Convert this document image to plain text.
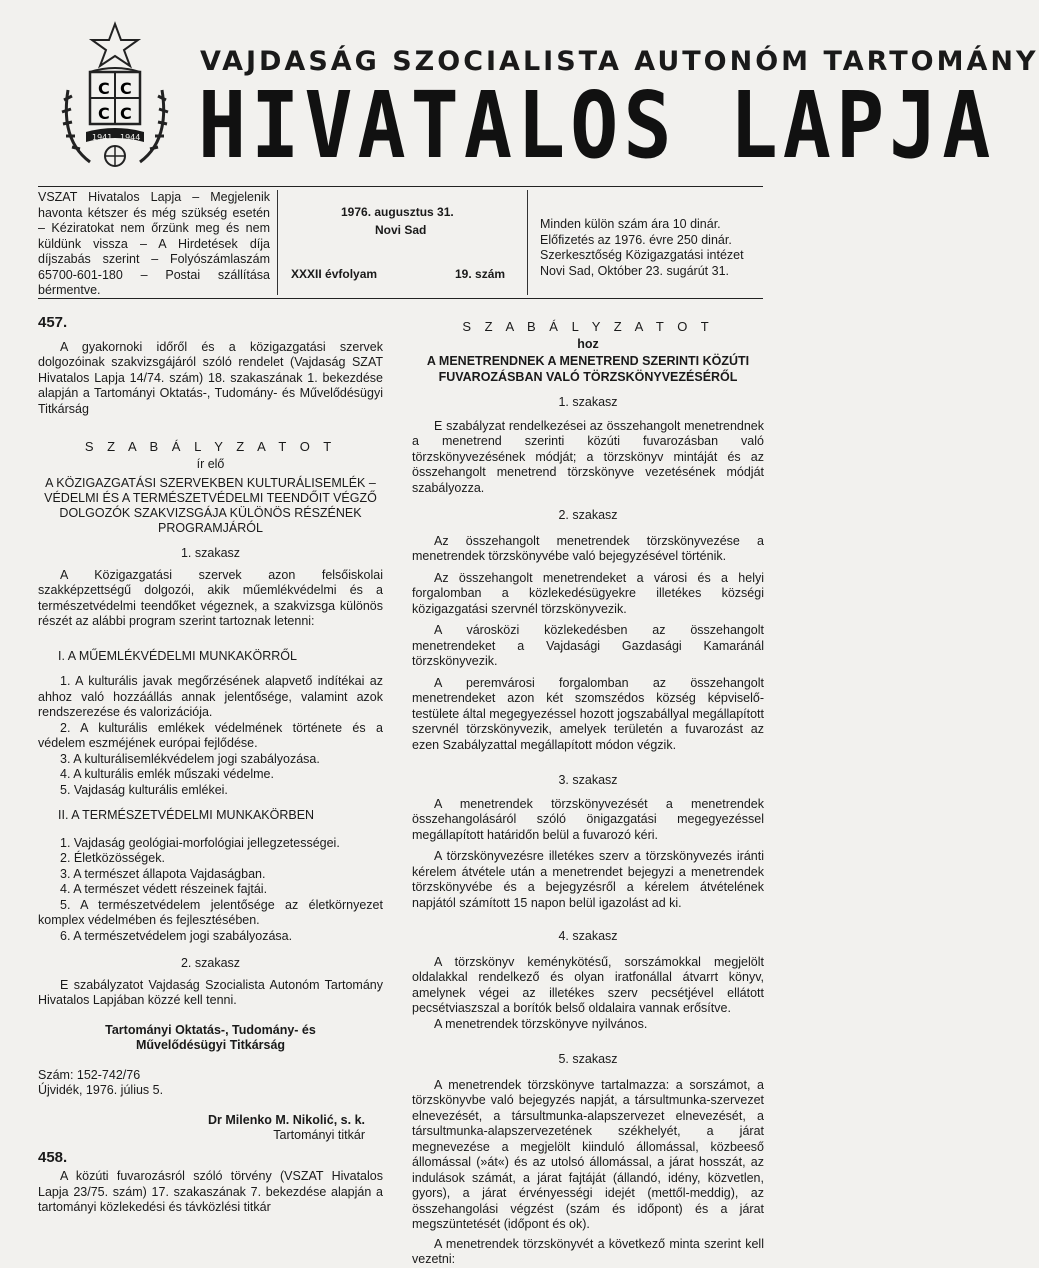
C C
C C
1941 1944
VAJDASÁG SZOCIALISTA AUTONÓM TARTOMÁNY
HIVATALOS LAPJA
VSZAT Hivatalos Lapja – Megjelenik havonta kétszer és még szükség esetén – Kéziratokat nem őrzünk meg és nem küldünk vissza – A Hirdetések díja díjszabás szerint – Folyószámlaszám 65700-601-180 – Postai szállítása bérmentve.
1976. augusztus 31.
Novi Sad
XXXII évfolyam	19. szám
Minden külön szám ára 10 dinár. Előfizetés az 1976. évre 250 dinár. Szerkesztőség Közigazgatási intézet Novi Sad, Október 23. sugárút 31.

457.

A gyakornoki időről és a közigazgatási szervek dolgozóinak szakvizsgájáról szóló rendelet (Vajdaság SZAT Hivatalos Lapja 14/74. szám) 18. szakaszának 1. bekezdése alapján a Tartományi Oktatás-, Tudomány- és Művelődésügyi Titkárság

S Z A B Á L Y Z A T O T

ír elő

A KÖZIGAZGATÁSI SZERVEKBEN KULTURÁLISEMLÉK – VÉDELMI ÉS A TERMÉSZETVÉDELMI TEENDŐIT VÉGZŐ DOLGOZÓK SZAKVIZSGÁJA KÜLÖNÖS RÉSZÉNEK PROGRAMJÁRÓL

1. szakasz

A Közigazgatási szervek azon felsőiskolai szakképzettségű dolgozói, akik műemlékvédelmi és a természetvédelmi teendőket végeznek, a szakvizsga különös részét az alábbi program szerint tartoznak letenni:

I. A MŰEMLÉKVÉDELMI MUNKAKÖRRŐL

1. A kulturális javak megőrzésének alapvető indítékai az ahhoz való hozzáállás annak jelentősége, valamint azok rendszerezése és valorizációja.

2. A kulturális emlékek védelmének története és a védelem eszméjének európai fejlődése.

3. A kulturálisemlékvédelem jogi szabályozása.

4. A kulturális emlék műszaki védelme.

5. Vajdaság kulturális emlékei.

II. A TERMÉSZETVÉDELMI MUNKAKÖRBEN

1. Vajdaság geológiai-morfológiai jellegzetességei.

2. Életközösségek.

3. A természet állapota Vajdaságban.

4. A természet védett részeinek fajtái.

5. A természetvédelem jelentősége az életkörnyezet komplex védelmében és fejlesztésében.

6. A természetvédelem jogi szabályozása.

2. szakasz

E szabályzatot Vajdaság Szocialista Autonóm Tartomány Hivatalos Lapjában közzé kell tenni.

Tartományi Oktatás-, Tudomány- és Művelődésügyi Titkárság

Szám: 152-742/76

Újvidék, 1976. július 5.

Dr Milenko M. Nikolić, s. k.

Tartományi titkár

458.

A közúti fuvarozásról szóló törvény (VSZAT Hivatalos Lapja 23/75. szám) 17. szakaszának 7. bekezdése alapján a tartományi közlekedési és távközlési titkár

S Z A B Á L Y Z A T O T

hoz

A MENETRENDNEK A MENETREND SZERINTI KÖZÚTI FUVAROZÁSBAN VALÓ TÖRZSKÖNYVEZÉSÉRŐL

1. szakasz

E szabályzat rendelkezései az összehangolt menetrendnek a menetrend szerinti közúti fuvarozásban való törzskönyvezésének módját; a törzskönyv mintáját és az összehangolt menetrend törzskönyve vezetésének módját szabályozza.

2. szakasz

Az összehangolt menetrendek törzskönyvezése a menetrendek törzskönyvébe való bejegyzésével történik.

Az összehangolt menetrendeket a városi és a helyi forgalomban a közlekedésügyekre illetékes községi közigazgatási szervnél törzskönyvezik.

A városközi közlekedésben az összehangolt menetrendeket a Vajdasági Gazdasági Kamaránál törzskönyvezik.

A peremvárosi forgalomban az összehangolt menetrendeket azon két szomszédos község képviselő-testülete által megegyezéssel hozott jogszabállyal megállapított szervnél törzskönyvezik, amelyek területén a fuvarozást az ezen Szabályzattal megállapított módon végzik.

3. szakasz

A menetrendek törzskönyvezését a menetrendek összehangolásáról szóló önigazgatási megegyezéssel megállapított határidőn belül a fuvarozó kéri.

A törzskönyvezésre illetékes szerv a törzskönyvezés iránti kérelem átvétele után a menetrendet bejegyzi a menetrendek törzskönyvébe és a bejegyzésről a kérelem átvételének napjától számított 15 napon belül igazolást ad ki.

4. szakasz

A törzskönyv keménykötésű, sorszámokkal megjelölt oldalakkal rendelkező és olyan iratfonállal átvarrt könyv, amelynek végei az illetékes szerv pecsétjével ellátott pecsétviaszszal a borítók belső oldalaira vannak erősítve.

A menetrendek törzskönyve nyilvános.

5. szakasz

A menetrendek törzskönyve tartalmazza: a sorszámot, a törzskönyvbe való bejegyzés napját, a társultmunka-szervezet elnevezését, a társultmunka-alapszervezet elnevezését, a társultmunka-alapszervezetének székhelyét, a járat megnevezése a megjelölt kiinduló állomással, közbeeső állomással (»át«) és az utolsó állomással, a járat hosszát, az indulások számát, a járat fajtáját (állandó, idény, közvetlen, gyors), a járat érvényességi idejét (mettől-meddig), az összehangolási végzést (szám és időpont) és a járat megszüntetését (időpont és ok).

A menetrendek törzskönyvét a következő minta szerint kell vezetni:
